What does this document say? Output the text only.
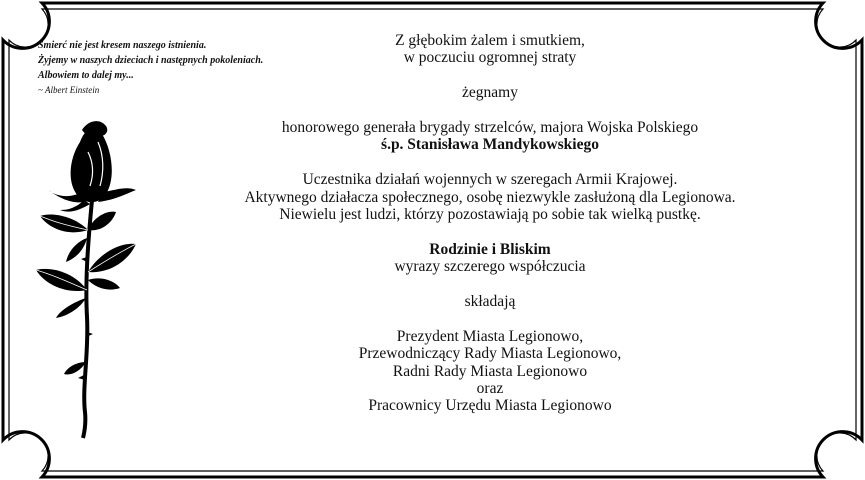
Śmierć nie jest kresem naszego istnienia.
Żyjemy w naszych dzieciach i następnych pokoleniach.
Albowiem to dalej my...
~ Albert Einstein

Z głębokim żalem i smutkiem,

w poczuciu ogromnej straty

żegnamy

honorowego generała brygady strzelców, majora Wojska Polskiego

ś.p. Stanisława Mandykowskiego

Uczestnika działań wojennych w szeregach Armii Krajowej.

Aktywnego działacza społecznego, osobę niezwykle zasłużoną dla Legionowa.

Niewielu jest ludzi, którzy pozostawiają po sobie tak wielką pustkę.

Rodzinie i Bliskim

wyrazy szczerego współczucia

składają

Prezydent Miasta Legionowo,

Przewodniczący Rady Miasta Legionowo,

Radni Rady Miasta Legionowo

oraz

Pracownicy Urzędu Miasta Legionowo
